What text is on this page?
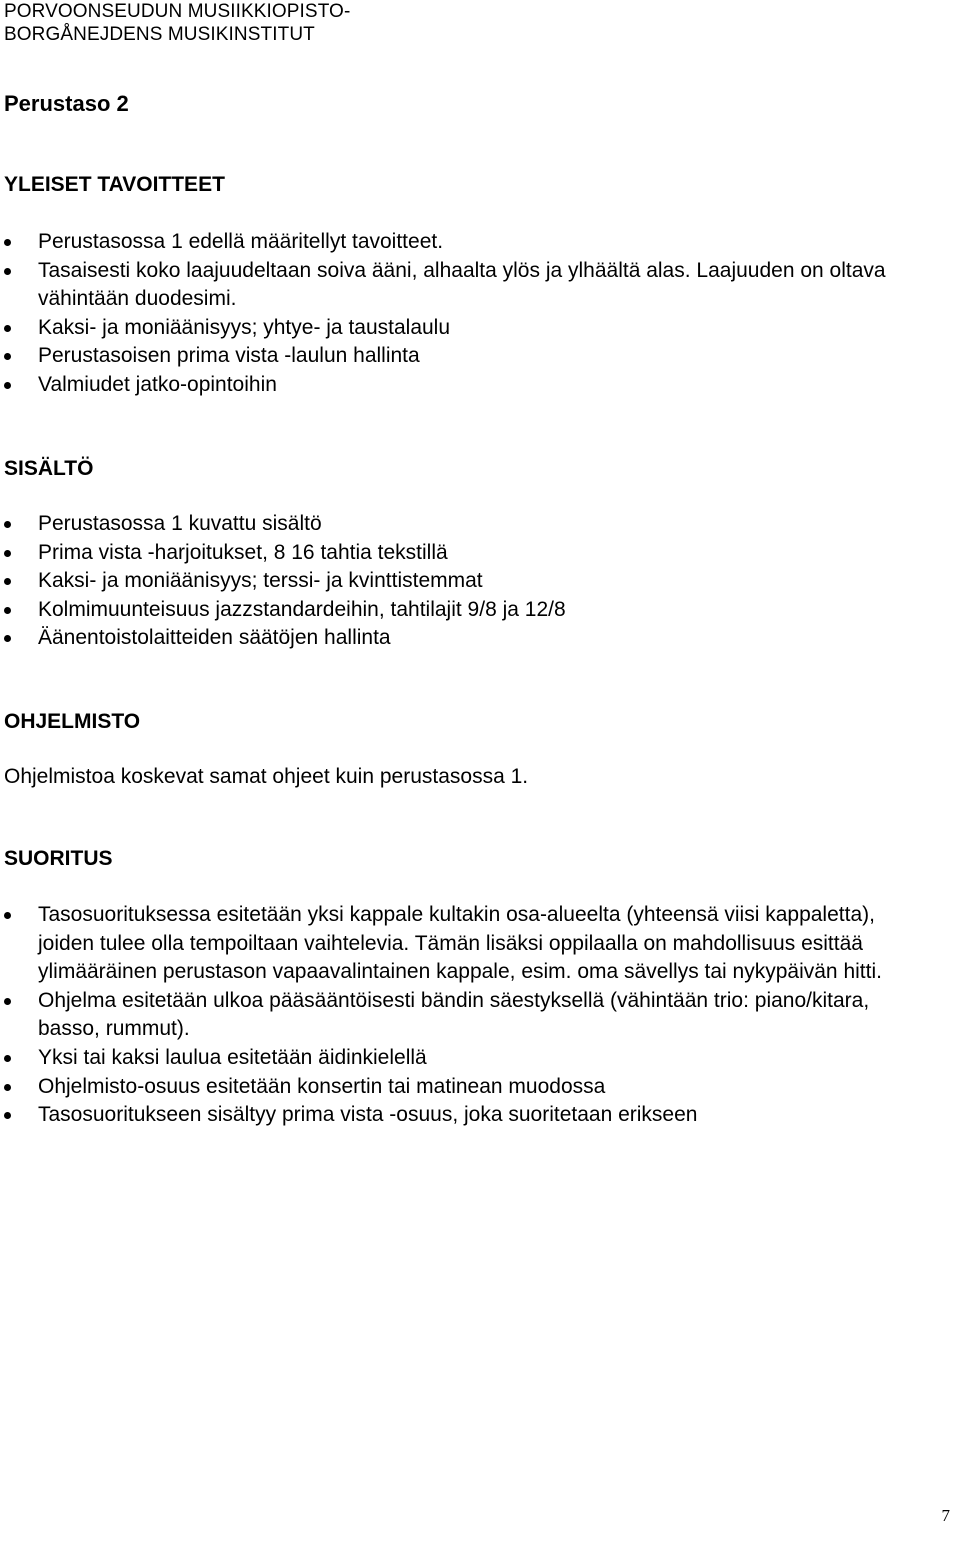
PORVOONSEUDUN MUSIIKKIOPISTO-
BORGÅNEJDENS MUSIKINSTITUT
Perustaso 2
YLEISET TAVOITTEET
Perustasossa 1 edellä määritellyt tavoitteet.
Tasaisesti koko laajuudeltaan soiva ääni, alhaalta ylös ja ylhäältä alas. Laajuuden on oltava vähintään duodesimi.
Kaksi- ja moniäänisyys; yhtye- ja taustalaulu
Perustasoisen prima vista -laulun hallinta
Valmiudet jatko-opintoihin
SISÄLTÖ
Perustasossa 1 kuvattu sisältö
Prima vista -harjoitukset, 8 16 tahtia tekstillä
Kaksi- ja moniäänisyys; terssi- ja kvinttistemmat
Kolmimuunteisuus jazzstandardeihin, tahtilajit 9/8 ja 12/8
Äänentoistolaitteiden säätöjen hallinta
OHJELMISTO

Ohjelmistoa koskevat samat ohjeet kuin perustasossa 1.

SUORITUS
Tasosuorituksessa esitetään yksi kappale kultakin osa-alueelta (yhteensä viisi kappaletta), joiden tulee olla tempoiltaan vaihtelevia. Tämän lisäksi oppilaalla on mahdollisuus esittää ylimääräinen perustason vapaavalintainen kappale, esim. oma sävellys tai nykypäivän hitti.
Ohjelma esitetään ulkoa pääsääntöisesti bändin säestyksellä (vähintään trio: piano/kitara, basso, rummut).
Yksi tai kaksi laulua esitetään äidinkielellä
Ohjelmisto-osuus esitetään konsertin tai matinean muodossa
Tasosuoritukseen sisältyy prima vista -osuus, joka suoritetaan erikseen
7
